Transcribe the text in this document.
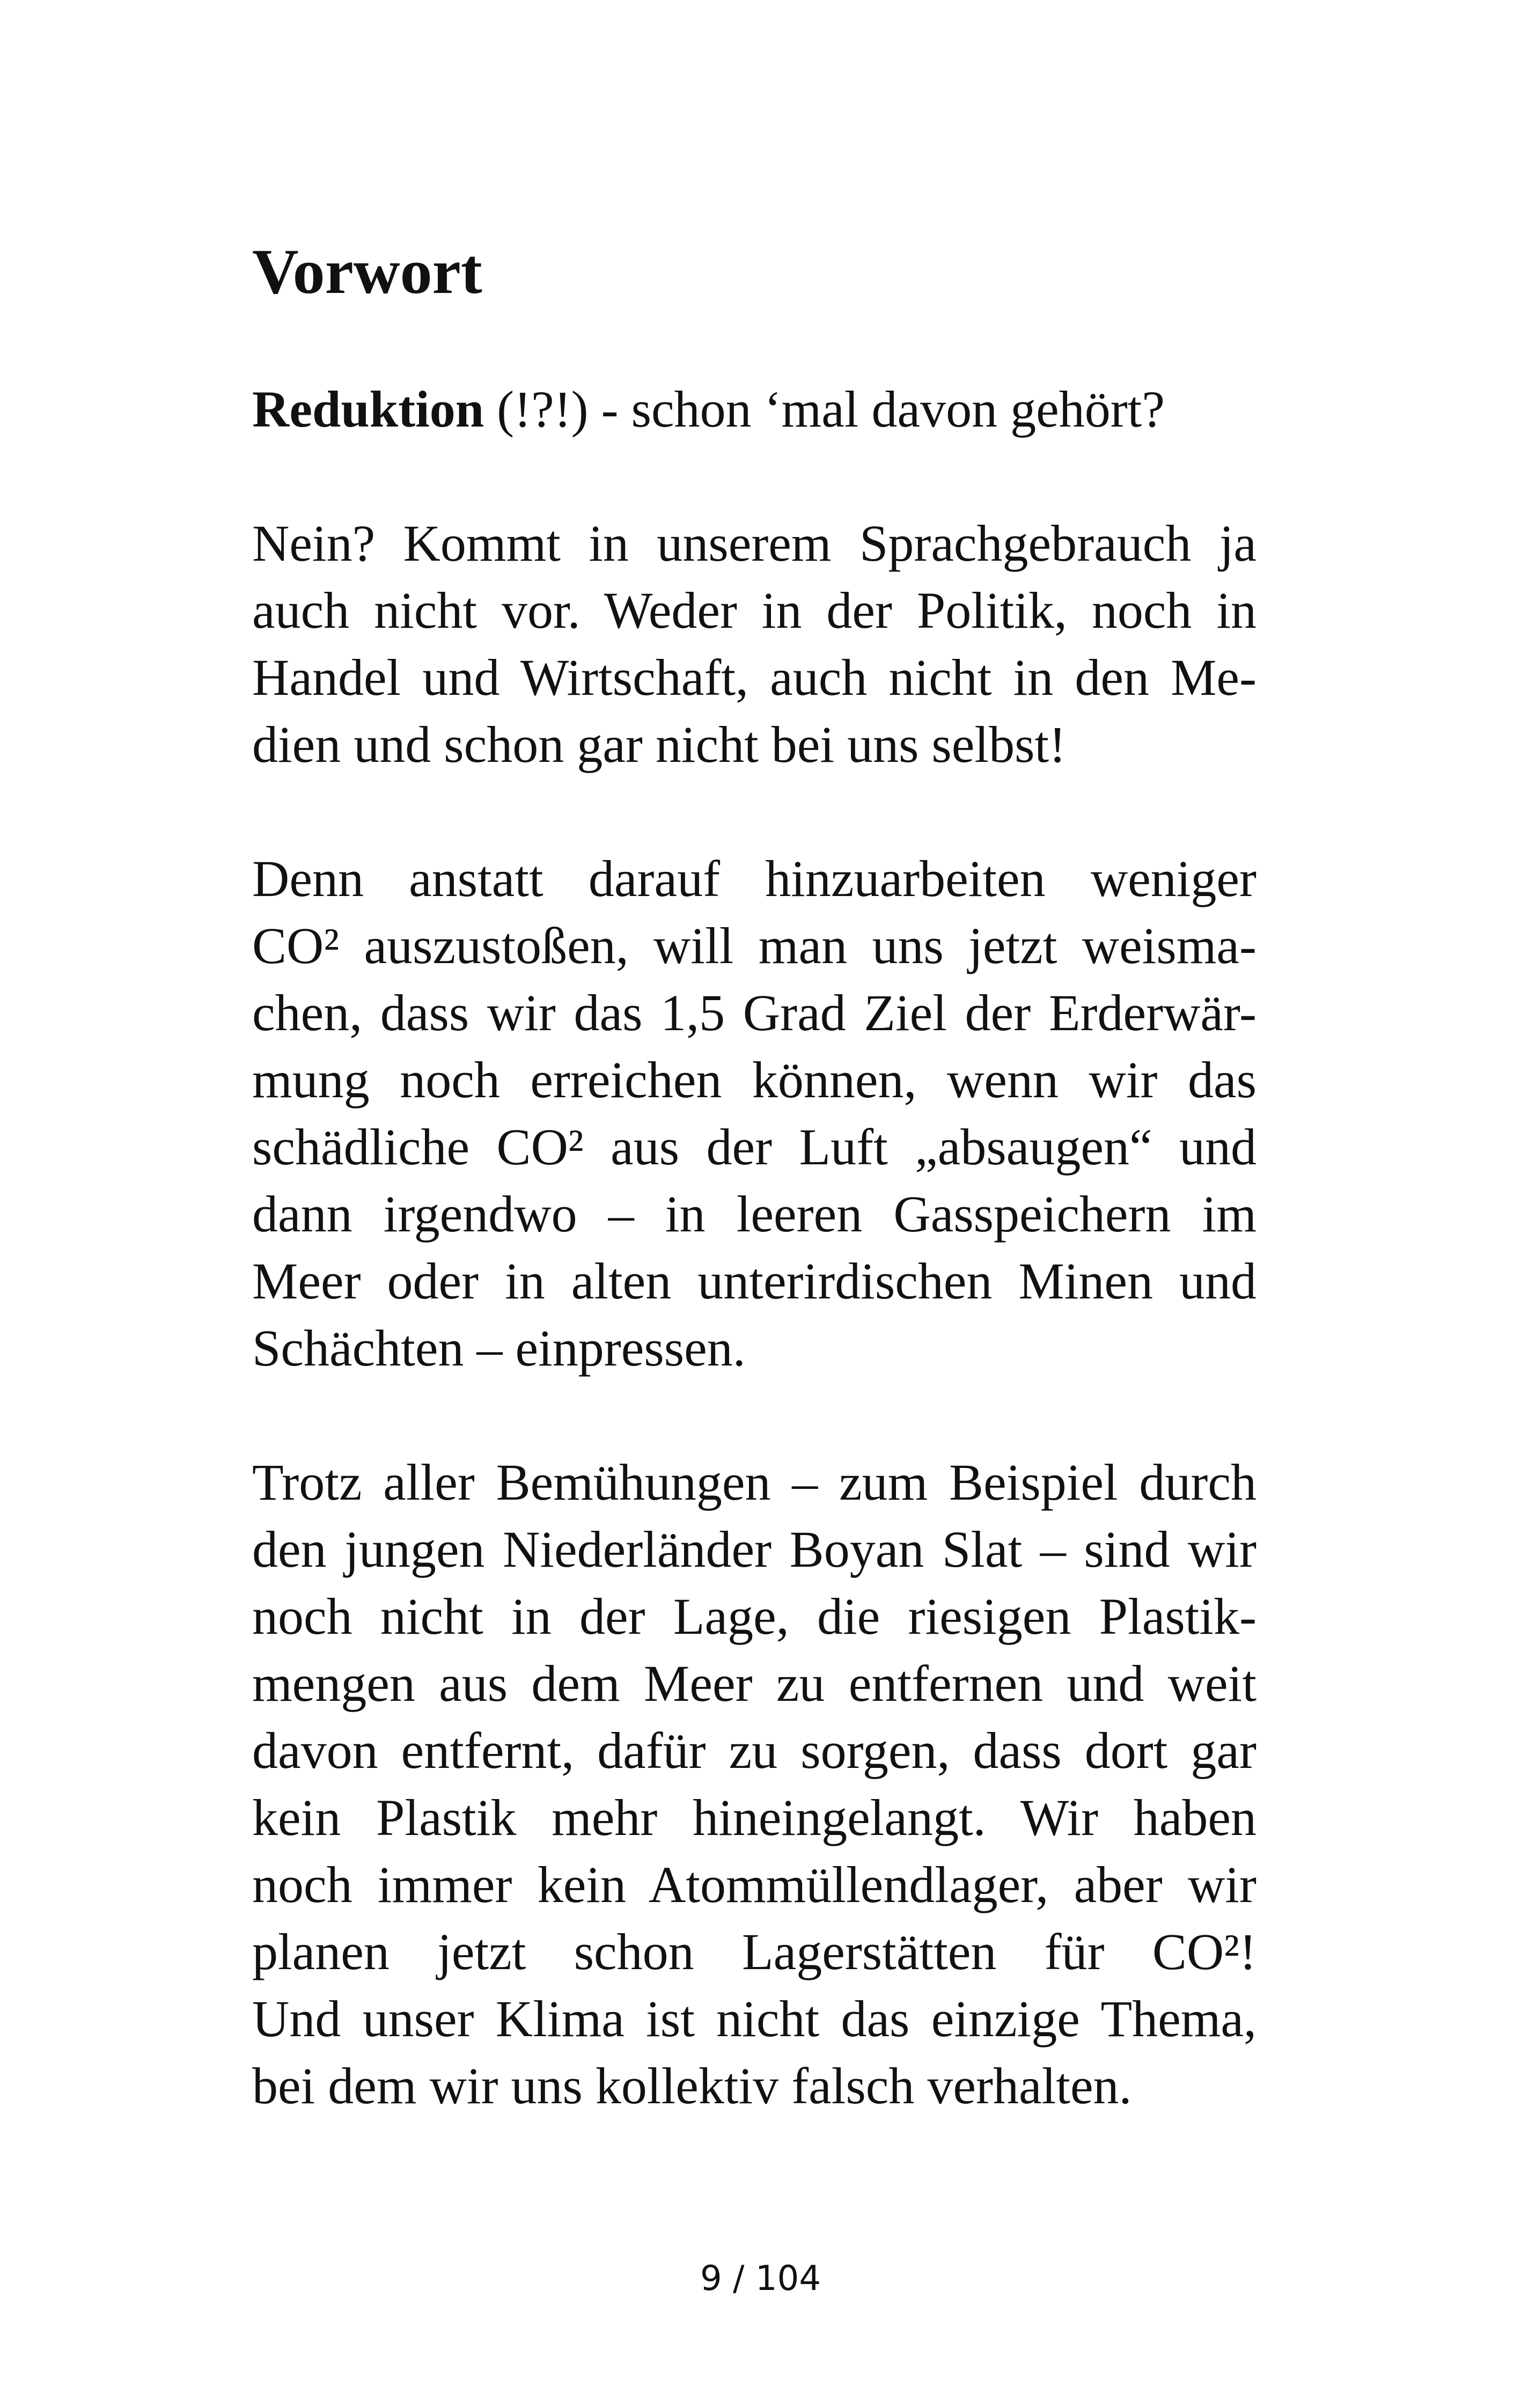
Vorwort

Reduktion (!?!) - schon ‘mal davon gehört?

Nein? Kommt in unserem Sprachgebrauch ja
auch nicht vor. Weder in der Politik, noch in
Handel und Wirtschaft, auch nicht in den Me-
dien und schon gar nicht bei uns selbst!

Denn anstatt darauf hinzuarbeiten weniger
CO² auszustoßen, will man uns jetzt weisma-
chen, dass wir das 1,5 Grad Ziel der Erderwär-
mung noch erreichen können, wenn wir das
schädliche CO² aus der Luft „absaugen“ und
dann irgendwo – in leeren Gasspeichern im
Meer oder in alten unterirdischen Minen und
Schächten – einpressen.

Trotz aller Bemühungen – zum Beispiel durch
den jungen Niederländer Boyan Slat – sind wir
noch nicht in der Lage, die riesigen Plastik-
mengen aus dem Meer zu entfernen und weit
davon entfernt, dafür zu sorgen, dass dort gar
kein Plastik mehr hineingelangt. Wir haben
noch immer kein Atommüllendlager, aber wir
planen jetzt schon Lagerstätten für CO²!
Und unser Klima ist nicht das einzige Thema,
bei dem wir uns kollektiv falsch verhalten.

9 / 104
